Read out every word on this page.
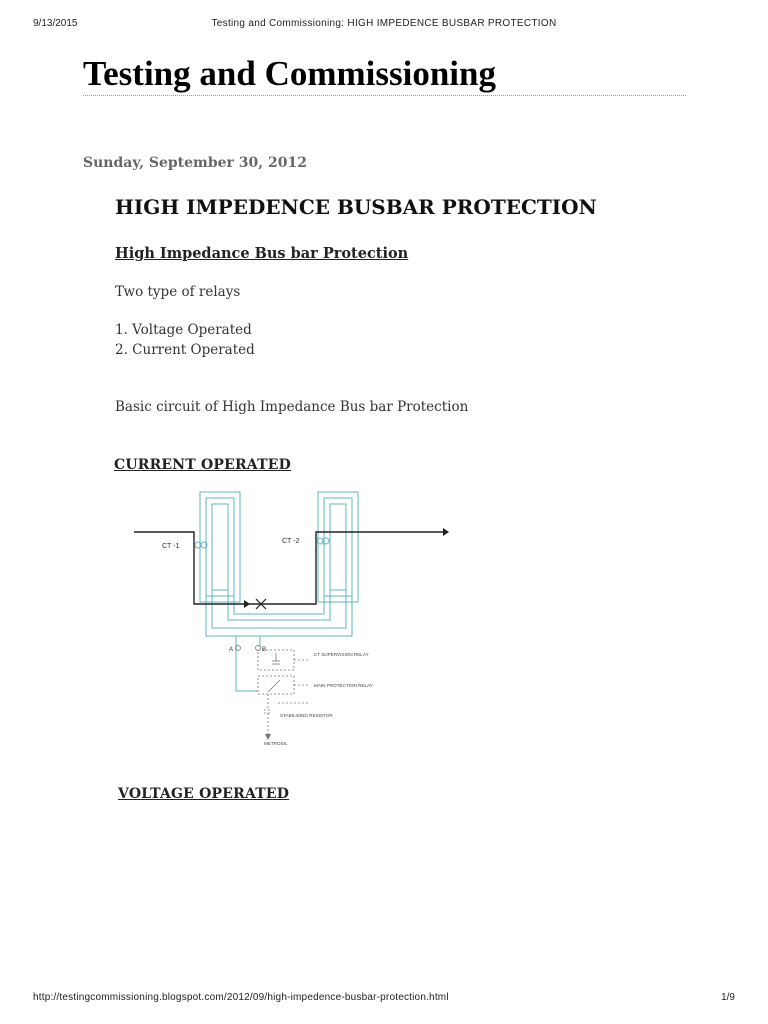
9/13/2015	Testing and Commissioning: HIGH IMPEDENCE BUSBAR PROTECTION
Testing and Commissioning
Sunday, September 30, 2012
HIGH IMPEDENCE BUSBAR PROTECTION
High Impedance Bus bar Protection
Two type of relays
1. Voltage Operated
2. Current Operated
Basic circuit of High Impedance Bus bar Protection
CURRENT OPERATED
CT -1
CT -2
A	B
CT SUPERVISION RELAY
MAIN PROTECTION RELAY
STABILISING RESISTOR
METROSIL
VOLTAGE OPERATED
http://testingcommissioning.blogspot.com/2012/09/high-impedence-busbar-protection.html	1/9
